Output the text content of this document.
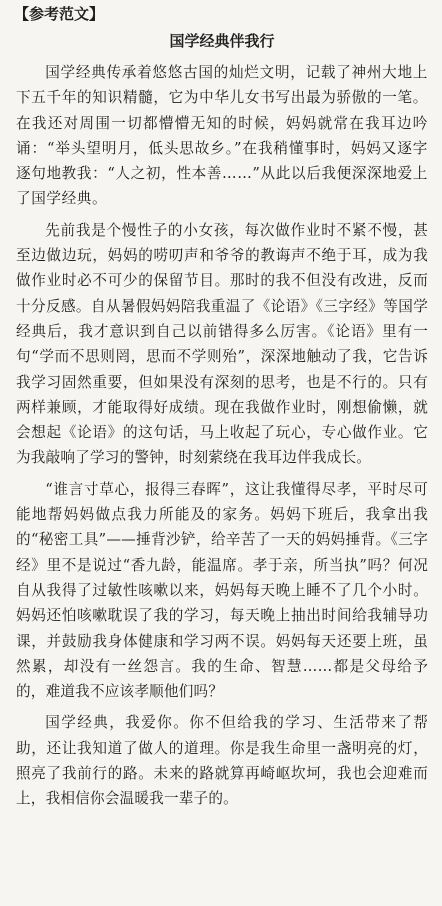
【参考范文】
国学经典伴我行

国学经典传承着悠悠古国的灿烂文明，记载了神州大地上下五千年的知识精髓，它为中华儿女书写出最为骄傲的一笔。在我还对周围一切都懵懵无知的时候，妈妈就常在我耳边吟诵：“举头望明月，低头思故乡。”在我稍懂事时，妈妈又逐字逐句地教我：“人之初，性本善……”从此以后我便深深地爱上了国学经典。

先前我是个慢性子的小女孩，每次做作业时不紧不慢，甚至边做边玩，妈妈的唠叨声和爷爷的教诲声不绝于耳，成为我做作业时必不可少的保留节目。那时的我不但没有改进，反而十分反感。自从暑假妈妈陪我重温了《论语》《三字经》等国学经典后，我才意识到自己以前错得多么厉害。《论语》里有一句“学而不思则罔，思而不学则殆”，深深地触动了我，它告诉我学习固然重要，但如果没有深刻的思考，也是不行的。只有两样兼顾，才能取得好成绩。现在我做作业时，刚想偷懒，就会想起《论语》的这句话，马上收起了玩心，专心做作业。它为我敲响了学习的警钟，时刻萦绕在我耳边伴我成长。

“谁言寸草心，报得三春晖”，这让我懂得尽孝，平时尽可能地帮妈妈做点我力所能及的家务。妈妈下班后，我拿出我的“秘密工具”——捶背沙铲，给辛苦了一天的妈妈捶背。《三字经》里不是说过“香九龄，能温席。孝于亲，所当执”吗？何况自从我得了过敏性咳嗽以来，妈妈每天晚上睡不了几个小时。妈妈还怕咳嗽耽误了我的学习，每天晚上抽出时间给我辅导功课，并鼓励我身体健康和学习两不误。妈妈每天还要上班，虽然累，却没有一丝怨言。我的生命、智慧……都是父母给予的，难道我不应该孝顺他们吗？

国学经典，我爱你。你不但给我的学习、生活带来了帮助，还让我知道了做人的道理。你是我生命里一盏明亮的灯，照亮了我前行的路。未来的路就算再崎岖坎坷，我也会迎难而上，我相信你会温暖我一辈子的。
